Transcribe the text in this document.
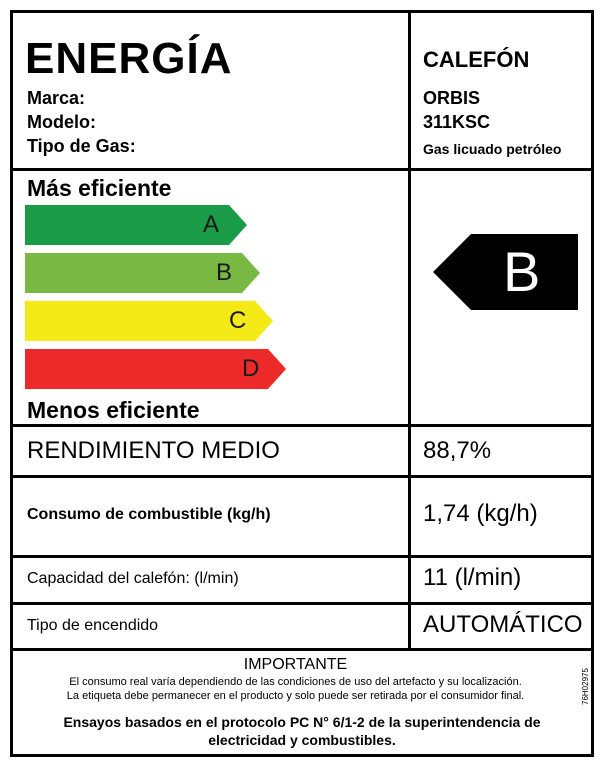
ENERGÍA
Marca:
Modelo:
Tipo de Gas:
CALEFÓN
ORBIS
311KSC
Gas licuado petróleo
Más eficiente
A
B
C
D
Menos eficiente
B
RENDIMIENTO MEDIO	88,7%
Consumo de combustible (kg/h)	1,74 (kg/h)
Capacidad del calefón: (l/min)	11 (l/min)
Tipo de encendido	AUTOMÁTICO
IMPORTANTE
El consumo real varía dependiendo de las condiciones de uso del artefacto y su localización.
La etiqueta debe permanecer en el producto y solo puede ser retirada por el consumidor final.	76H02975
Ensayos basados en el protocolo PC N° 6/1-2 de la superintendencia de
electricidad y combustibles.
